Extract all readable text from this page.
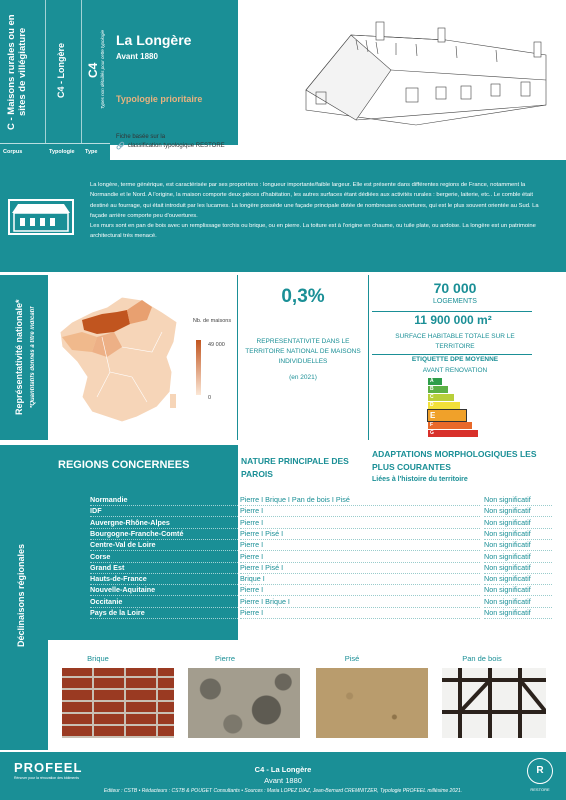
C - Maisons rurales ou en sites de villégiature	C4 - Longère	C4 Types non détaillés pour cette typologie
Corpus	Typologie	Type
La Longère
Avant 1880
Typologie prioritaire
Fiche basée sur la
🔗 classification typologique RESTORE

La longère, terme générique, est caractérisée par ses proportions : longueur importante/faible largeur. Elle est présente dans différentes regions de France, notamment la Normandie et le Nord. A l'origine, la maison comporte deux pièces d'habitation, les autres surfaces étant dédiées aux activités rurales : bergerie, laiterie, etc.. Le comble était destiné au fourrage, qui était introduit par les lucarnes. La longère possède une façade principale dotée de nombreuses ouvertures, qui est le plus souvent orientée au Sud. La façade arrière comporte peu d'ouvertures.

Les murs sont en pan de bois avec un remplissage torchis ou brique, ou en pierre. La toiture est à l'origine en chaume, ou tuile plate, ou ardoise. La longère est un patrimoine architectural très menacé.

Représentativité nationale*	*Quantitatifs donnés à titre indicatif	Nb. de maisons
49 000
0
0,3%
REPRESENTATIVITE DANS LE TERRITOIRE NATIONAL DE MAISONS INDIVIDUELLES
(en 2021)
70 000
LOGEMENTS
11 900 000 m²
SURFACE HABITABLE TOTALE SUR LE TERRITOIRE
ETIQUETTE DPE MOYENNE
AVANT RENOVATION
A
B
C
D
E
F
G
Déclinaisons régionales
REGIONS CONCERNEES	NATURE PRINCIPALE DES PAROIS
ADAPTATIONS MORPHOLOGIQUES LES PLUS COURANTES
Liées à l'histoire du territoire
Normandie	Pierre I Brique I Pan de bois I Pisé	Non significatif
IDF	Pierre I	Non significatif
Auvergne-Rhône-Alpes	Pierre I	Non significatif
Bourgogne-Franche-Comté	Pierre I Pisé I	Non significatif
Centre-Val de Loire	Pierre I	Non significatif
Corse	Pierre I	Non significatif
Grand Est	Pierre I Pisé I	Non significatif
Hauts-de-France	Brique I	Non significatif
Nouvelle-Aquitaine	Pierre I	Non significatif
Occitanie	Pierre I Brique I	Non significatif
Pays de la Loire	Pierre I	Non significatif
Brique	Pierre	Pisé	Pan de bois
PROFEEL
Rénover pour la rénovation des bâtiments
C4 - La Longère
Avant 1880
Editeur : CSTB • Rédacteurs : CSTB & POUGET Consultants • Sources : Maria LOPEZ DIAZ, Jean-Bernard CREMNITZER, Typologie PROFEEL millésime 2021.
R
RESTORE
